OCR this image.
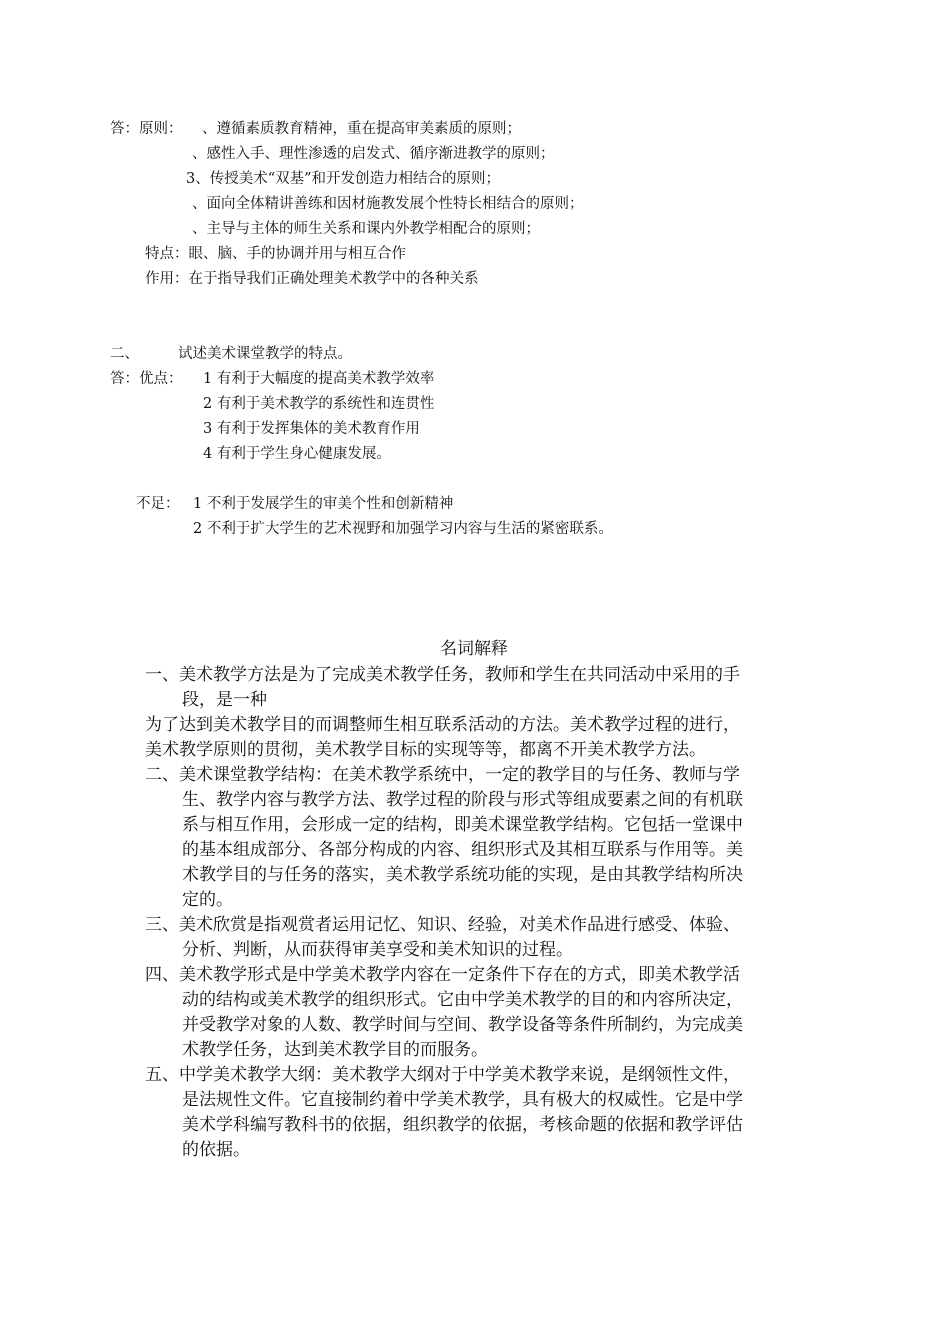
答：原则： 、遵循素质教育精神，重在提高审美素质的原则；
、感性入手、理性渗透的启发式、循序渐进教学的原则；
3、传授美术“双基”和开发创造力相结合的原则；
、面向全体精讲善练和因材施教发展个性特长相结合的原则；
、主导与主体的师生关系和课内外教学相配合的原则；
特点：眼、脑、手的协调并用与相互合作
作用：在于指导我们正确处理美术教学中的各种关系
二、	试述美术课堂教学的特点。
答：优点： 1 有利于大幅度的提高美术教学效率
2 有利于美术教学的系统性和连贯性
3 有利于发挥集体的美术教育作用
4 有利于学生身心健康发展。
不足： 1 不利于发展学生的审美个性和创新精神
2 不利于扩大学生的艺术视野和加强学习内容与生活的紧密联系。
名词解释
一、美术教学方法是为了完成美术教学任务，教师和学生在共同活动中采用的手
段，是一种
为了达到美术教学目的而调整师生相互联系活动的方法。美术教学过程的进行，
美术教学原则的贯彻，美术教学目标的实现等等，都离不开美术教学方法。
二、美术课堂教学结构：在美术教学系统中，一定的教学目的与任务、教师与学
生、教学内容与教学方法、教学过程的阶段与形式等组成要素之间的有机联
系与相互作用，会形成一定的结构，即美术课堂教学结构。它包括一堂课中
的基本组成部分、各部分构成的内容、组织形式及其相互联系与作用等。美
术教学目的与任务的落实，美术教学系统功能的实现，是由其教学结构所决
定的。
三、美术欣赏是指观赏者运用记忆、知识、经验，对美术作品进行感受、体验、
分析、判断，从而获得审美享受和美术知识的过程。
四、美术教学形式是中学美术教学内容在一定条件下存在的方式，即美术教学活
动的结构或美术教学的组织形式。它由中学美术教学的目的和内容所决定，
并受教学对象的人数、教学时间与空间、教学设备等条件所制约，为完成美
术教学任务，达到美术教学目的而服务。
五、中学美术教学大纲：美术教学大纲对于中学美术教学来说，是纲领性文件，
是法规性文件。它直接制约着中学美术教学，具有极大的权威性。它是中学
美术学科编写教科书的依据，组织教学的依据，考核命题的依据和教学评估
的依据。
